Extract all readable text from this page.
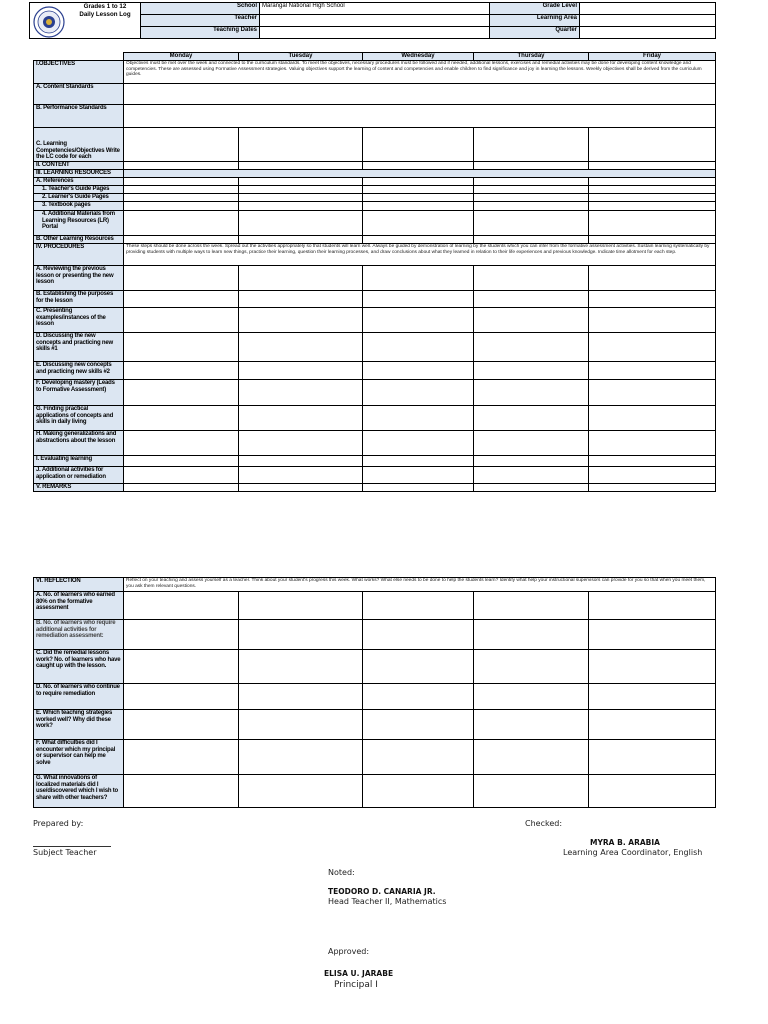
Grades 1 to 12
Daily Lesson Log
	School	Marangal National High School	Grade Level	
	Teacher		Learning Area	
	Teaching Dates		Quarter	
	Monday	Tuesday	Wednesday	Thursday	Friday
I.OBJECTIVES	Objectives must be met over the week and connected to the curriculum standards. To meet the objectives, necessary procedures must be followed and if needed, additional lessons, exercises and remedial activities may be done for developing content knowledge and competencies. These are assessed using Formative Assessment strategies. Valuing objectives support the learning of content and competencies and enable children to find significance and joy in learning the lessons. Weekly objectives shall be derived from the curriculum guides.				
A. Content Standards					
B. Performance Standards					
C. Learning Competencies/Objectives Write the LC code for each					
II. CONTENT					
III. LEARNING RESOURCES					
A. References					
1. Teacher's Guide Pages					
2. Learner's Guide Pages					
3. Textbook pages					
4. Additional Materials from Learning Resources (LR) Portal					
B. Other Learning Resources					
IV. PROCEDURES	These steps should be done across the week. Spread out the activities appropriately so that students will learn well. Always be guided by demonstration of learning by the students which you can infer from the formative assessment activities. Sustain learning systematically by providing students with multiple ways to learn new things, practice their learning, question their learning processes, and draw conclusions about what they learned in relation to their life experiences and previous knowledge. Indicate time allotment for each step.				
A. Reviewing the previous lesson or presenting the new lesson					
B. Establishing the purposes for the lesson					
C. Presenting examples/instances of the lesson					
D. Discussing the new concepts and practicing new skills #1					
E. Discussing new concepts and practicing new skills #2					
F. Developing mastery (Leads to Formative Assessment)					
G. Finding practical applications of concepts and skills in daily living					
H. Making generalizations and abstractions about the lesson					
I. Evaluating learning					
J. Additional activities for application or remediation					
V. REMARKS					
VI. REFLECTION	Reflect on your teaching and assess yourself as a teacher. Think about your student's progress this week. What works? What else needs to be done to help the students learn? Identify what help your instructional supervisors can provide for you so that when you meet them, you ask them relevant questions.				
A. No. of learners who earned 80% on the formative assessment					
B. No. of learners who require additional activities for remediation assessment:					
C. Did the remedial lessons work? No. of learners who have caught up with the lesson.					
D. No. of learners who continue to require remediation					
E. Which teaching strategies worked well? Why did these work?					
F. What difficulties did I encounter which my principal or supervisor can help me solve					
G. What innovations of localized materials did I use/discovered which I wish to share with other teachers?					
Prepared by:
Subject Teacher
Checked:
MYRA B. ARABIA
Learning Area Coordinator, English
Noted:
TEODORO D. CANARIA JR.
Head Teacher II, Mathematics
Approved:
ELISA U. JARABE
Principal I
